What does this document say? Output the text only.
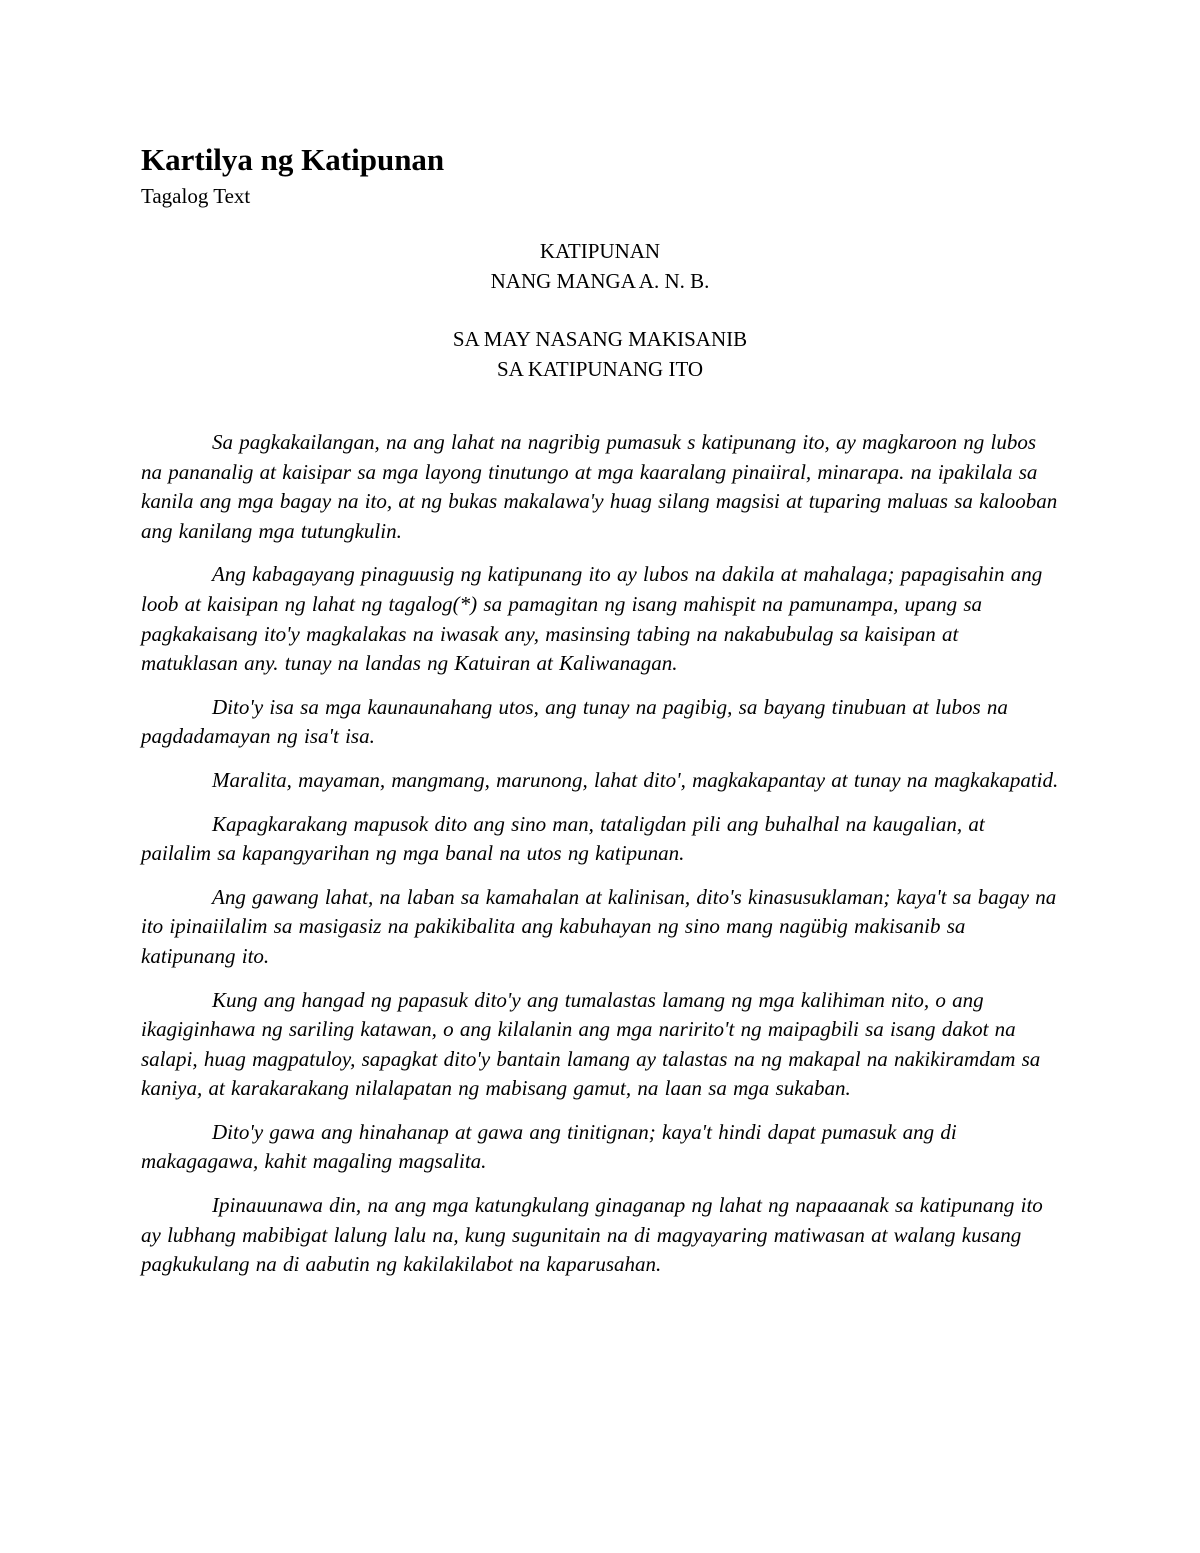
Kartilya ng Katipunan
Tagalog Text
KATIPUNAN
NANG MANGA A. N. B.
SA MAY NASANG MAKISANIB
SA KATIPUNANG ITO

Sa pagkakailangan, na ang lahat na nagribig pumasuk s katipunang ito, ay magkaroon ng lubos na pananalig at kaisipar sa mga layong tinutungo at mga kaaralang pinaiiral, minarapa. na ipakilala sa kanila ang mga bagay na ito, at ng bukas makalawa'y huag silang magsisi at tuparing maluas sa kalooban ang kanilang mga tutungkulin.

Ang kabagayang pinaguusig ng katipunang ito ay lubos na dakila at mahalaga; papagisahin ang loob at kaisipan ng lahat ng tagalog(*) sa pamagitan ng isang mahispit na pamunampa, upang sa pagkakaisang ito'y magkalakas na iwasak any, masinsing tabing na nakabubulag sa kaisipan at matuklasan any. tunay na landas ng Katuiran at Kaliwanagan.

Dito'y isa sa mga kaunaunahang utos, ang tunay na pagibig, sa bayang tinubuan at lubos na pagdadamayan ng isa't isa.

Maralita, mayaman, mangmang, marunong, lahat dito', magkakapantay at tunay na magkakapatid.

Kapagkarakang mapusok dito ang sino man, tataligdan pili ang buhalhal na kaugalian, at pailalim sa kapangyarihan ng mga banal na utos ng katipunan.

Ang gawang lahat, na laban sa kamahalan at kalinisan, dito's kinasusuklaman; kaya't sa bagay na ito ipinaiilalim sa masigasiz na pakikibalita ang kabuhayan ng sino mang nagübig makisanib sa katipunang ito.

Kung ang hangad ng papasuk dito'y ang tumalastas lamang ng mga kalihiman nito, o ang ikagiginhawa ng sariling katawan, o ang kilalanin ang mga naririto't ng maipagbili sa isang dakot na salapi, huag magpatuloy, sapagkat dito'y bantain lamang ay talastas na ng makapal na nakikiramdam sa kaniya, at karakarakang nilalapatan ng mabisang gamut, na laan sa mga sukaban.

Dito'y gawa ang hinahanap at gawa ang tinitignan; kaya't hindi dapat pumasuk ang di makagagawa, kahit magaling magsalita.

Ipinauunawa din, na ang mga katungkulang ginaganap ng lahat ng napaaanak sa katipunang ito ay lubhang mabibigat lalung lalu na, kung sugunitain na di magyayaring matiwasan at walang kusang pagkukulang na di aabutin ng kakilakilabot na kaparusahan.
